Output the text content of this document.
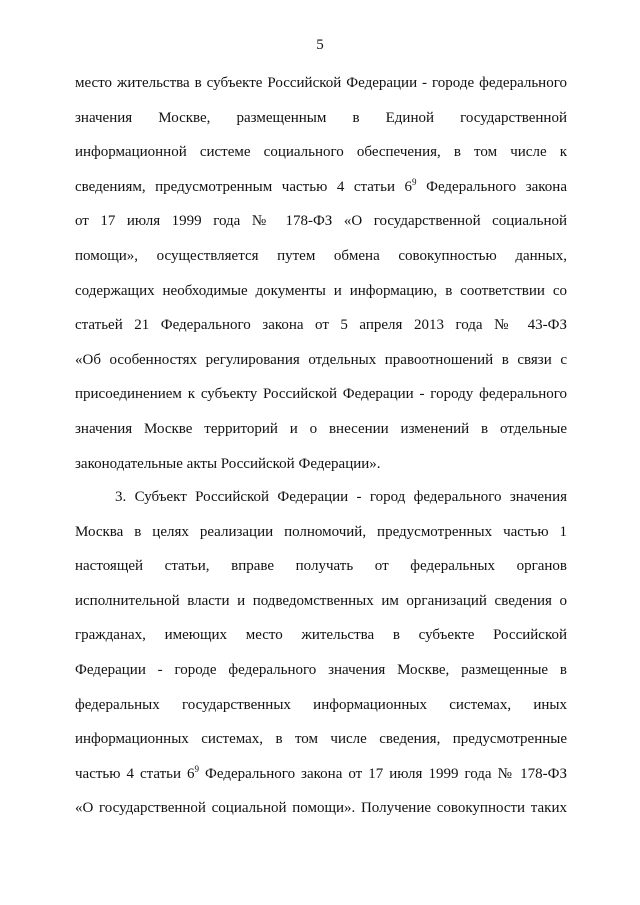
5
место жительства в субъекте Российской Федерации - городе федерального
значения Москве, размещенным в Единой государственной
информационной системе социального обеспечения, в том числе к
сведениям, предусмотренным частью 4 статьи $6^9$ Федерального закона
от 17 июля 1999 года № 178-ФЗ «О государственной социальной
помощи», осуществляется путем обмена совокупностью данных,
содержащих необходимые документы и информацию, в соответствии со
статьей 21 Федерального закона от 5 апреля 2013 года № 43-ФЗ
«Об особенностях регулирования отдельных правоотношений в связи с
присоединением к субъекту Российской Федерации - городу федерального
значения Москве территорий и о внесении изменений в отдельные
законодательные акты Российской Федерации».
3. Субъект Российской Федерации - город федерального значения
Москва в целях реализации полномочий, предусмотренных частью 1
настоящей статьи, вправе получать от федеральных органов
исполнительной власти и подведомственных им организаций сведения о
гражданах, имеющих место жительства в субъекте Российской
Федерации - городе федерального значения Москве, размещенные в
федеральных государственных информационных системах, иных
информационных системах, в том числе сведения, предусмотренные
частью 4 статьи $6^9$ Федерального закона от 17 июля 1999 года № 178-ФЗ
«О государственной социальной помощи». Получение совокупности таких
